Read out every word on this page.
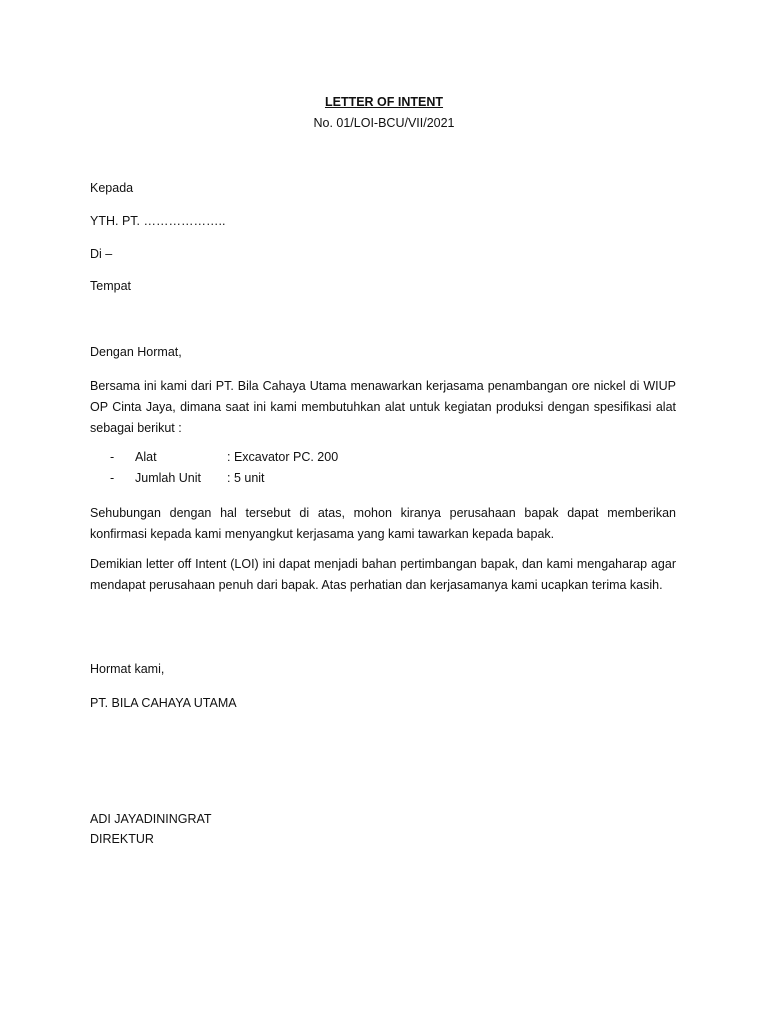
LETTER OF INTENT
No. 01/LOI-BCU/VII/2021
Kepada
YTH. PT. ………………..
Di –
Tempat
Dengan Hormat,
Bersama ini kami dari PT. Bila Cahaya Utama menawarkan kerjasama penambangan ore nickel di WIUP OP Cinta Jaya, dimana saat ini kami membutuhkan alat untuk kegiatan produksi dengan spesifikasi alat sebagai berikut :
- Alat	: Excavator PC. 200
- Jumlah Unit : 5 unit
Sehubungan dengan hal tersebut di atas, mohon kiranya perusahaan bapak dapat memberikan konfirmasi kepada kami menyangkut kerjasama yang kami tawarkan kepada bapak.
Demikian letter off Intent (LOI) ini dapat menjadi bahan pertimbangan bapak, dan kami mengaharap agar mendapat perusahaan penuh dari bapak. Atas perhatian dan kerjasamanya kami ucapkan terima kasih.
Hormat kami,
PT. BILA CAHAYA UTAMA
ADI JAYADININGRAT
DIREKTUR
